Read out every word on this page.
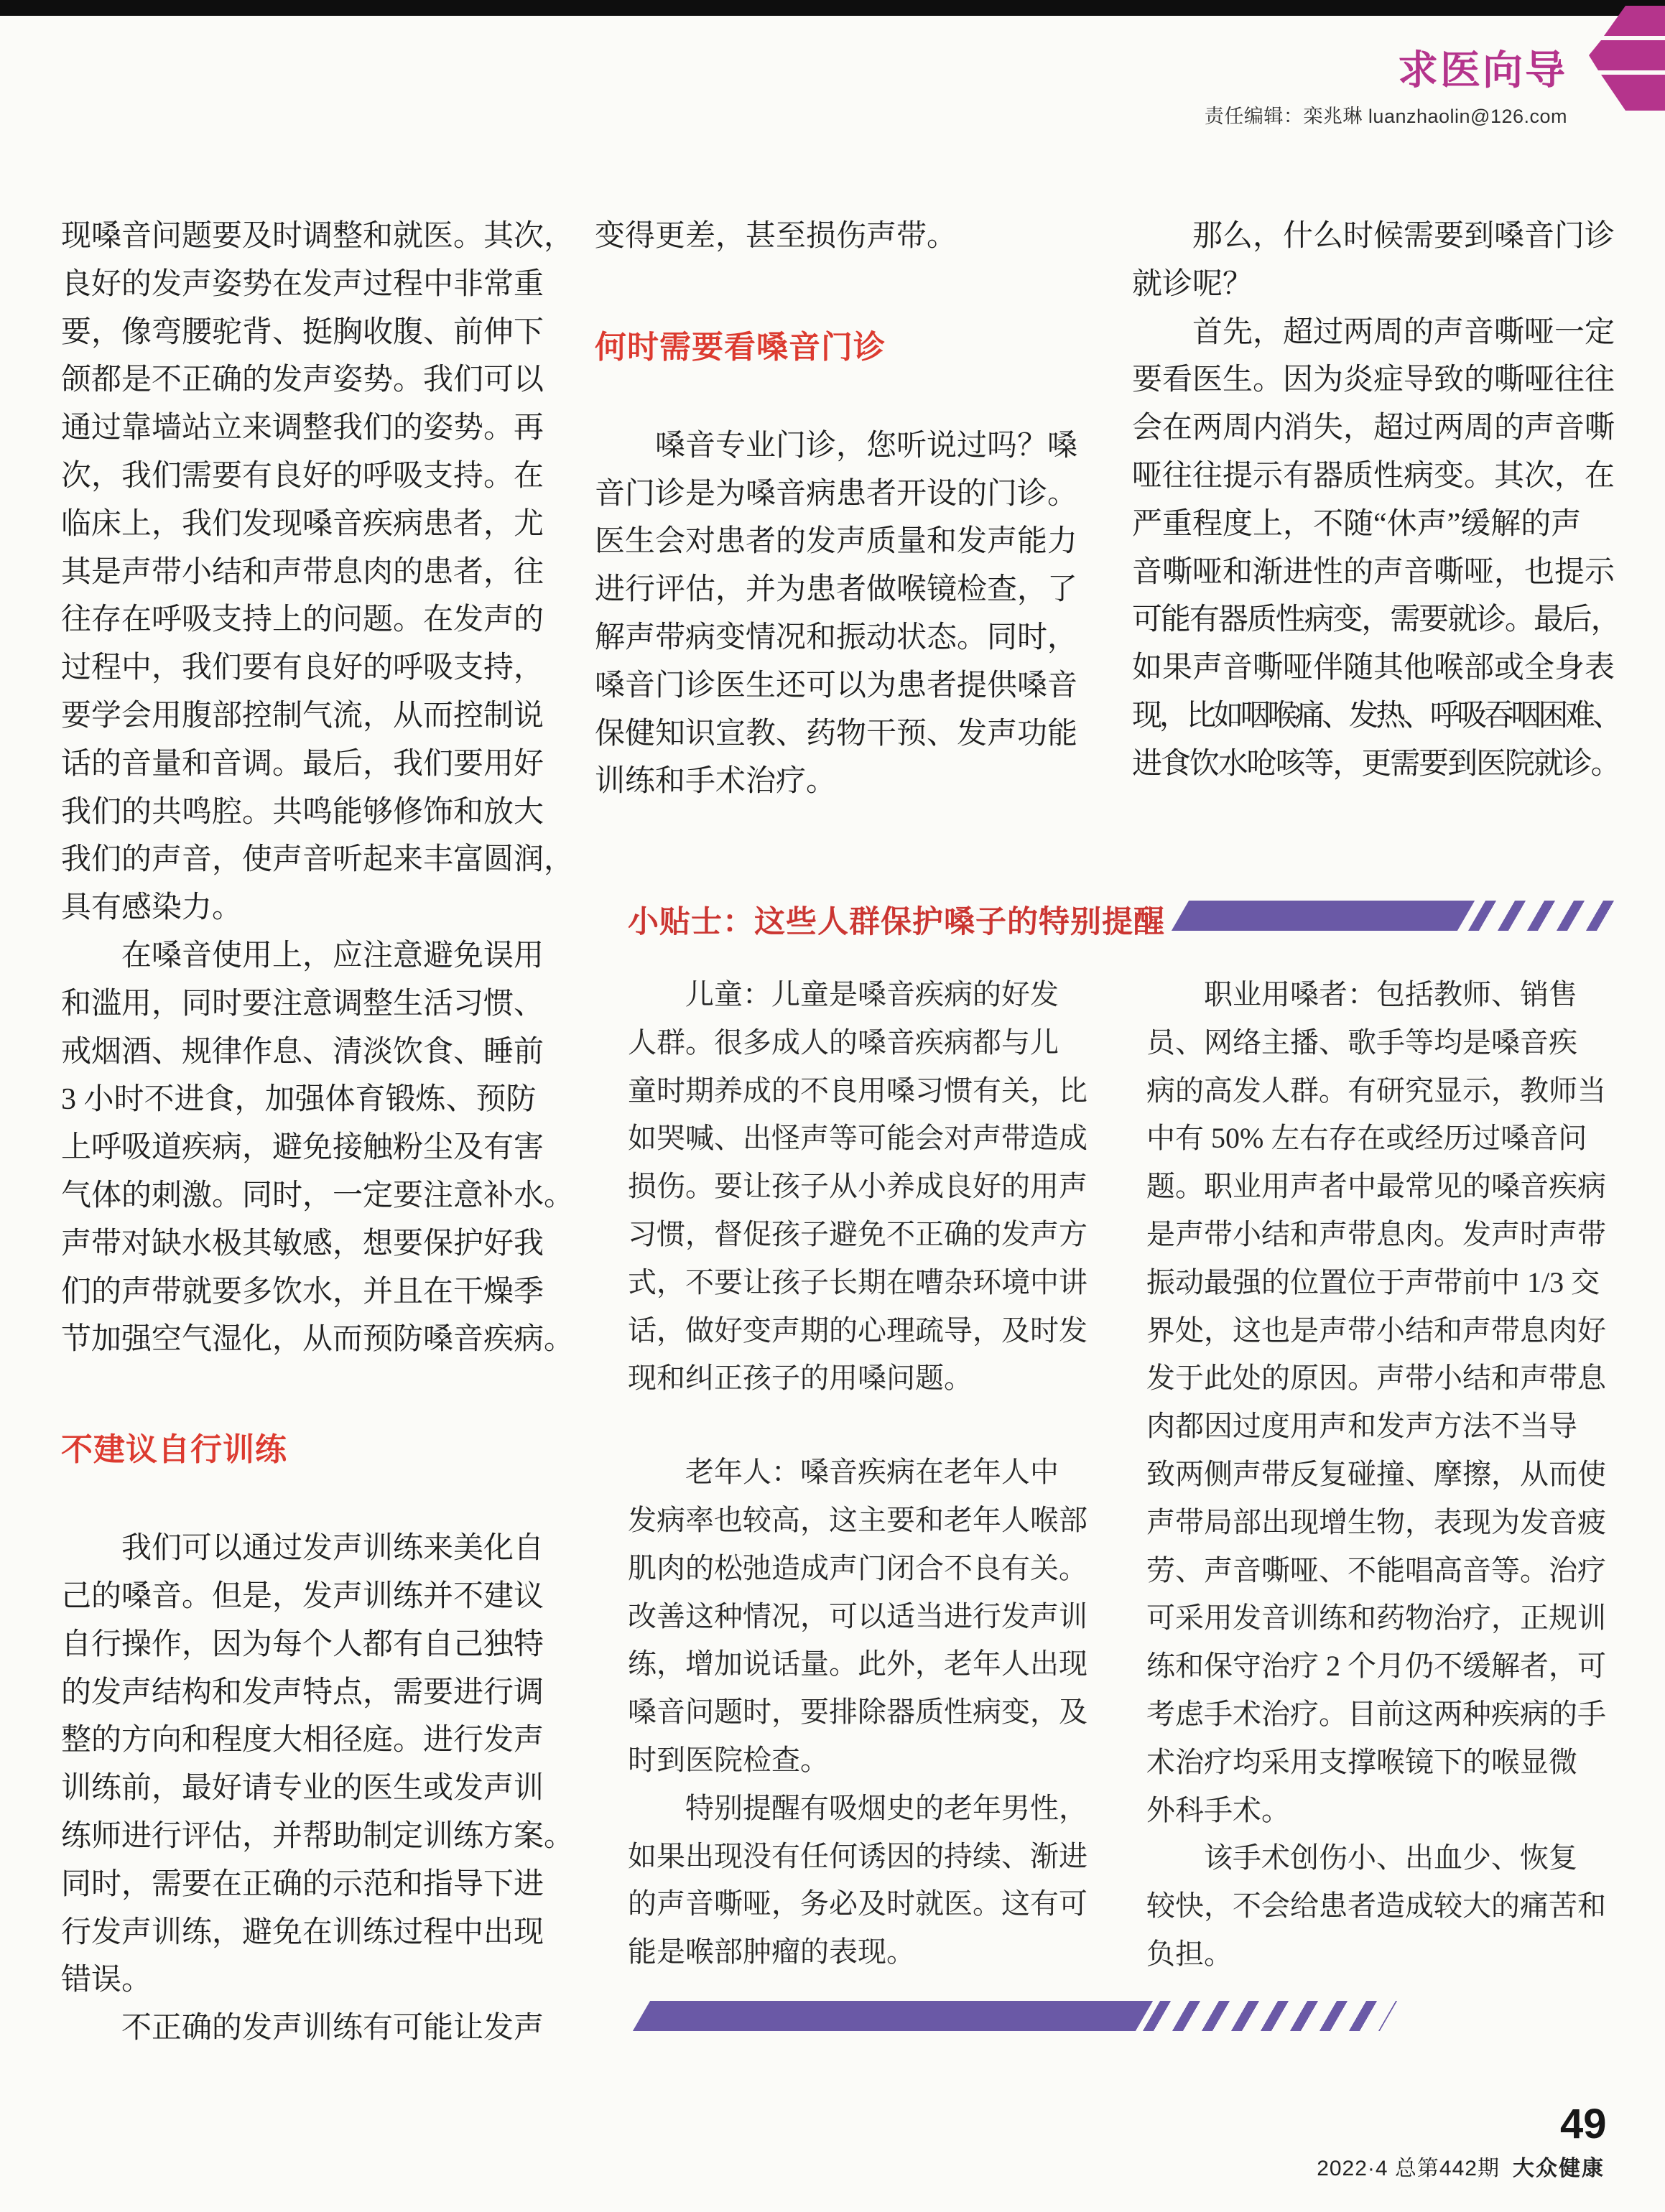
求医向导
责任编辑：栾兆琳 luanzhaolin@126.com
现嗓音问题要及时调整和就医。其次，
良好的发声姿势在发声过程中非常重
要，像弯腰驼背、挺胸收腹、前伸下
颌都是不正确的发声姿势。我们可以
通过靠墙站立来调整我们的姿势。再
次，我们需要有良好的呼吸支持。在
临床上，我们发现嗓音疾病患者，尤
其是声带小结和声带息肉的患者，往
往存在呼吸支持上的问题。在发声的
过程中，我们要有良好的呼吸支持，
要学会用腹部控制气流，从而控制说
话的音量和音调。最后，我们要用好
我们的共鸣腔。共鸣能够修饰和放大
我们的声音，使声音听起来丰富圆润，
具有感染力。
　　在嗓音使用上，应注意避免误用
和滥用，同时要注意调整生活习惯、
戒烟酒、规律作息、清淡饮食、睡前
3 小时不进食，加强体育锻炼、预防
上呼吸道疾病，避免接触粉尘及有害
气体的刺激。同时，一定要注意补水。
声带对缺水极其敏感，想要保护好我
们的声带就要多饮水，并且在干燥季
节加强空气湿化，从而预防嗓音疾病。
不建议自行训练
　　我们可以通过发声训练来美化自
己的嗓音。但是，发声训练并不建议
自行操作，因为每个人都有自己独特
的发声结构和发声特点，需要进行调
整的方向和程度大相径庭。进行发声
训练前，最好请专业的医生或发声训
练师进行评估，并帮助制定训练方案。
同时，需要在正确的示范和指导下进
行发声训练，避免在训练过程中出现
错误。
　　不正确的发声训练有可能让发声
变得更差，甚至损伤声带。
何时需要看嗓音门诊
　　嗓音专业门诊，您听说过吗？嗓
音门诊是为嗓音病患者开设的门诊。
医生会对患者的发声质量和发声能力
进行评估，并为患者做喉镜检查，了
解声带病变情况和振动状态。同时，
嗓音门诊医生还可以为患者提供嗓音
保健知识宣教、药物干预、发声功能
训练和手术治疗。
　　那么，什么时候需要到嗓音门诊
就诊呢？
　　首先，超过两周的声音嘶哑一定
要看医生。因为炎症导致的嘶哑往往
会在两周内消失，超过两周的声音嘶
哑往往提示有器质性病变。其次，在
严重程度上，不随“休声”缓解的声
音嘶哑和渐进性的声音嘶哑，也提示
可能有器质性病变，需要就诊。最后，
如果声音嘶哑伴随其他喉部或全身表
现，比如咽喉痛、发热、呼吸吞咽困难、
进食饮水呛咳等，更需要到医院就诊。
小贴士：这些人群保护嗓子的特别提醒
　　儿童：儿童是嗓音疾病的好发
人群。很多成人的嗓音疾病都与儿
童时期养成的不良用嗓习惯有关，比
如哭喊、出怪声等可能会对声带造成
损伤。要让孩子从小养成良好的用声
习惯，督促孩子避免不正确的发声方
式，不要让孩子长期在嘈杂环境中讲
话，做好变声期的心理疏导，及时发
现和纠正孩子的用嗓问题。
　　老年人：嗓音疾病在老年人中
发病率也较高，这主要和老年人喉部
肌肉的松弛造成声门闭合不良有关。
改善这种情况，可以适当进行发声训
练，增加说话量。此外，老年人出现
嗓音问题时，要排除器质性病变，及
时到医院检查。
　　特别提醒有吸烟史的老年男性，
如果出现没有任何诱因的持续、渐进
的声音嘶哑，务必及时就医。这有可
能是喉部肿瘤的表现。
　　职业用嗓者：包括教师、销售
员、网络主播、歌手等均是嗓音疾
病的高发人群。有研究显示，教师当
中有 50% 左右存在或经历过嗓音问
题。职业用声者中最常见的嗓音疾病
是声带小结和声带息肉。发声时声带
振动最强的位置位于声带前中 1/3 交
界处，这也是声带小结和声带息肉好
发于此处的原因。声带小结和声带息
肉都因过度用声和发声方法不当导
致两侧声带反复碰撞、摩擦，从而使
声带局部出现增生物，表现为发音疲
劳、声音嘶哑、不能唱高音等。治疗
可采用发音训练和药物治疗，正规训
练和保守治疗 2 个月仍不缓解者，可
考虑手术治疗。目前这两种疾病的手
术治疗均采用支撑喉镜下的喉显微
外科手术。
　　该手术创伤小、出血少、恢复
较快，不会给患者造成较大的痛苦和
负担。
49
2022·4 总第442期 大众健康
